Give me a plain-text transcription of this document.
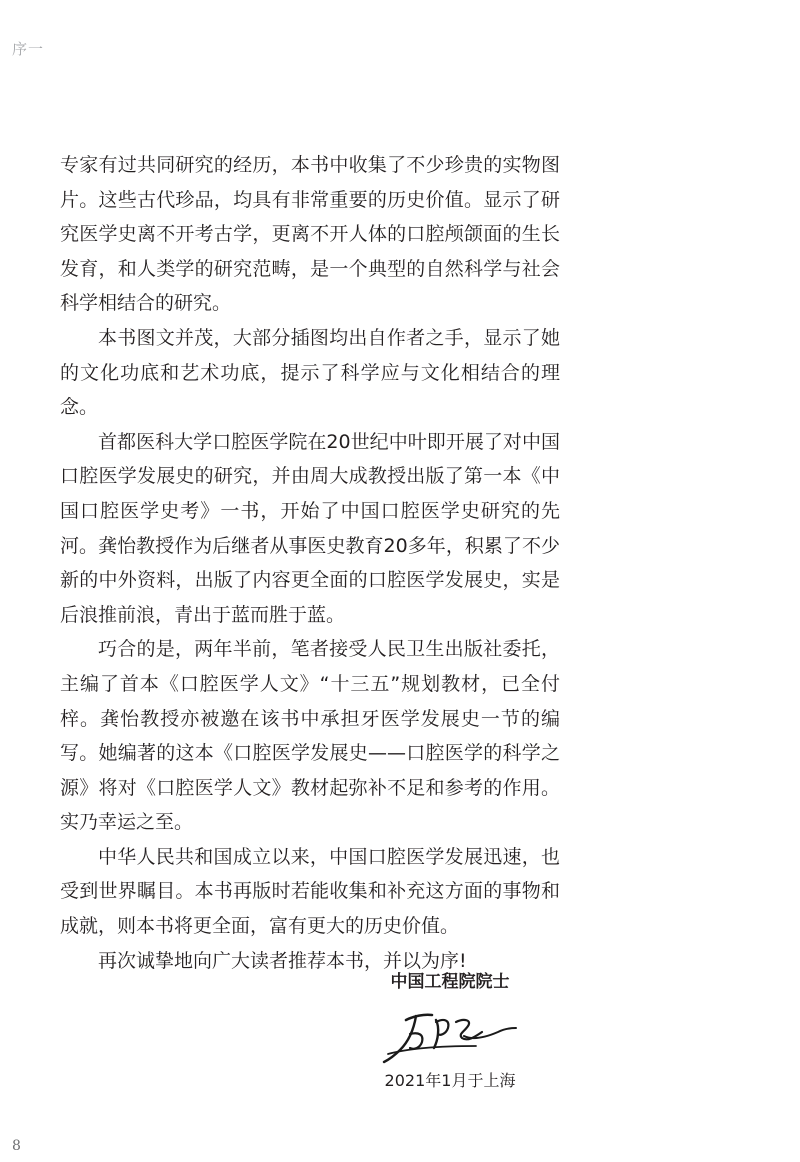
序一

专家有过共同研究的经历，本书中收集了不少珍贵的实物图片。这些古代珍品，均具有非常重要的历史价值。显示了研究医学史离不开考古学，更离不开人体的口腔颅颌面的生长发育，和人类学的研究范畴，是一个典型的自然科学与社会科学相结合的研究。

本书图文并茂，大部分插图均出自作者之手，显示了她的文化功底和艺术功底，提示了科学应与文化相结合的理念。

首都医科大学口腔医学院在20世纪中叶即开展了对中国口腔医学发展史的研究，并由周大成教授出版了第一本《中国口腔医学史考》一书，开始了中国口腔医学史研究的先河。龚怡教授作为后继者从事医史教育20多年，积累了不少新的中外资料，出版了内容更全面的口腔医学发展史，实是后浪推前浪，青出于蓝而胜于蓝。

巧合的是，两年半前，笔者接受人民卫生出版社委托，主编了首本《口腔医学人文》“十三五”规划教材，已全付梓。龚怡教授亦被邀在该书中承担牙医学发展史一节的编写。她编著的这本《口腔医学发展史——口腔医学的科学之源》将对《口腔医学人文》教材起弥补不足和参考的作用。实乃幸运之至。

中华人民共和国成立以来，中国口腔医学发展迅速，也受到世界瞩目。本书再版时若能收集和补充这方面的事物和成就，则本书将更全面，富有更大的历史价值。

再次诚挚地向广大读者推荐本书，并以为序!

中国工程院院士
2021年1月于上海
8
